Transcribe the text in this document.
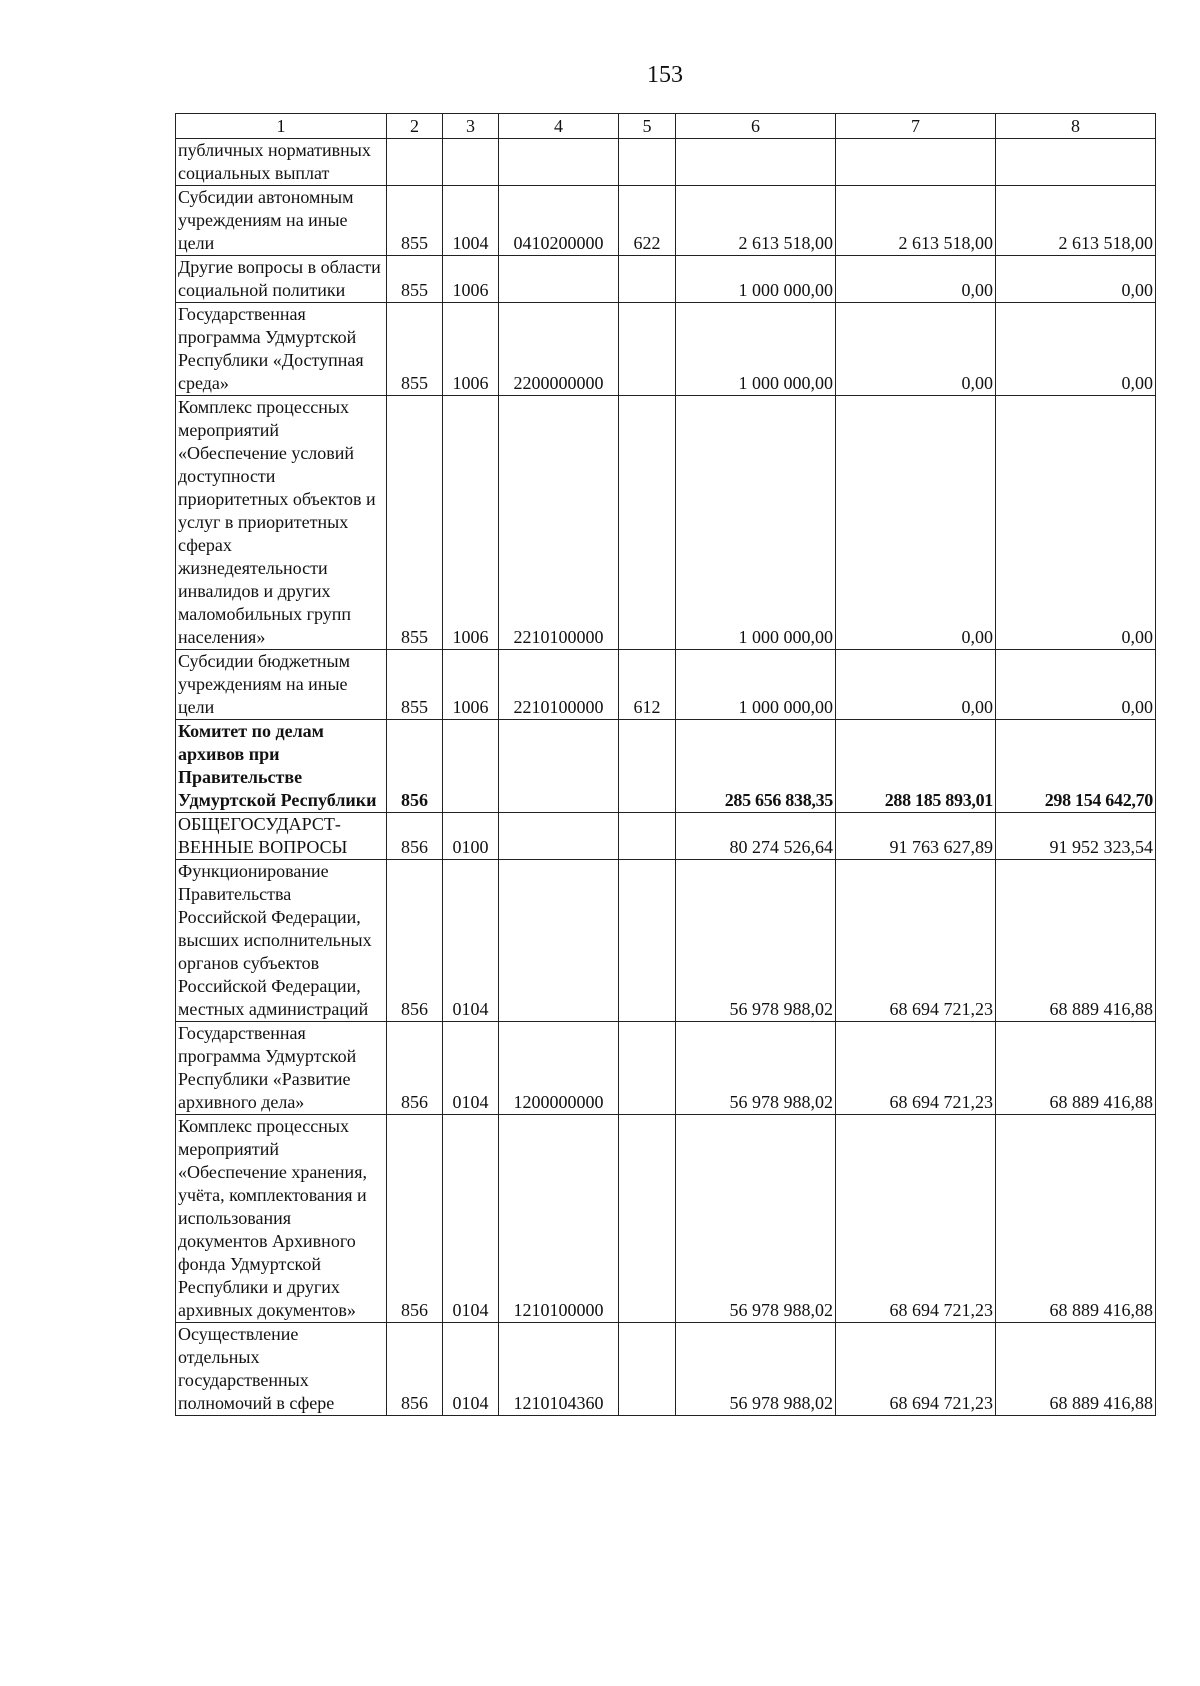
153
1	2	3	4	5	6	7	8
публичных нормативных социальных выплат							
Субсидии автономным учреждениям на иные цели	855	1004	0410200000	622	2 613 518,00	2 613 518,00	2 613 518,00
Другие вопросы в области социальной политики	855	1006			1 000 000,00	0,00	0,00
Государственная программа Удмуртской Республики «Доступная среда»	855	1006	2200000000		1 000 000,00	0,00	0,00
Комплекс процессных мероприятий «Обеспечение условий доступности приоритетных объектов и услуг в приоритетных сферах жизнедеятельности инвалидов и других маломобильных групп населения»	855	1006	2210100000		1 000 000,00	0,00	0,00
Субсидии бюджетным учреждениям на иные цели	855	1006	2210100000	612	1 000 000,00	0,00	0,00
Комитет по делам архивов при Правительстве Удмуртской Республики	856				285 656 838,35	288 185 893,01	298 154 642,70
ОБЩЕГОСУДАРСТ-ВЕННЫЕ ВОПРОСЫ	856	0100			80 274 526,64	91 763 627,89	91 952 323,54
Функционирование Правительства Российской Федерации, высших исполнительных органов субъектов Российской Федерации, местных администраций	856	0104			56 978 988,02	68 694 721,23	68 889 416,88
Государственная программа Удмуртской Республики «Развитие архивного дела»	856	0104	1200000000		56 978 988,02	68 694 721,23	68 889 416,88
Комплекс процессных мероприятий «Обеспечение хранения, учёта, комплектования и использования документов Архивного фонда Удмуртской Республики и других архивных документов»	856	0104	1210100000		56 978 988,02	68 694 721,23	68 889 416,88
Осуществление отдельных государственных полномочий в сфере	856	0104	1210104360		56 978 988,02	68 694 721,23	68 889 416,88
